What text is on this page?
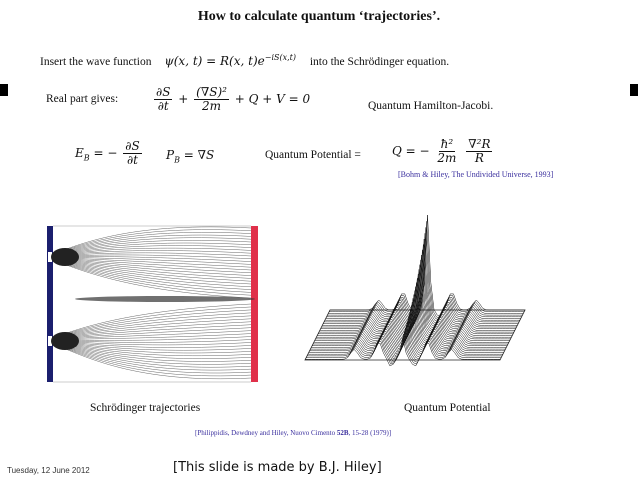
How to calculate quantum ‘trajectories’.
Insert the wave function ψ(x, t) = R(x, $t)e^{-iS(x,t)}$ into the Schrödinger equation.
Real part gives:	$\frac{\partial S}{\partial t} + \frac{\text{(∇S)²}}{2m} + Q + V = 0$	Quantum Hamilton-Jacobi.
$E_B$ = − $\frac{\partial S}{\partial t} P_B = \nabla S$	Quantum Potential =	Q = − $\frac{\text{ħ²}}{2m}$
$\frac{\text{∇²R}}{R}$
[Bohm & Hiley, The Undivided Universe, 1993]
Schrödinger trajectories	Quantum Potential
[Philippidis, Dewdney and Hiley, Nuovo Cimento 52B, 15-28 (1979)]
Tuesday, 12 June 2012	[This slide is made by B.J. Hiley]
